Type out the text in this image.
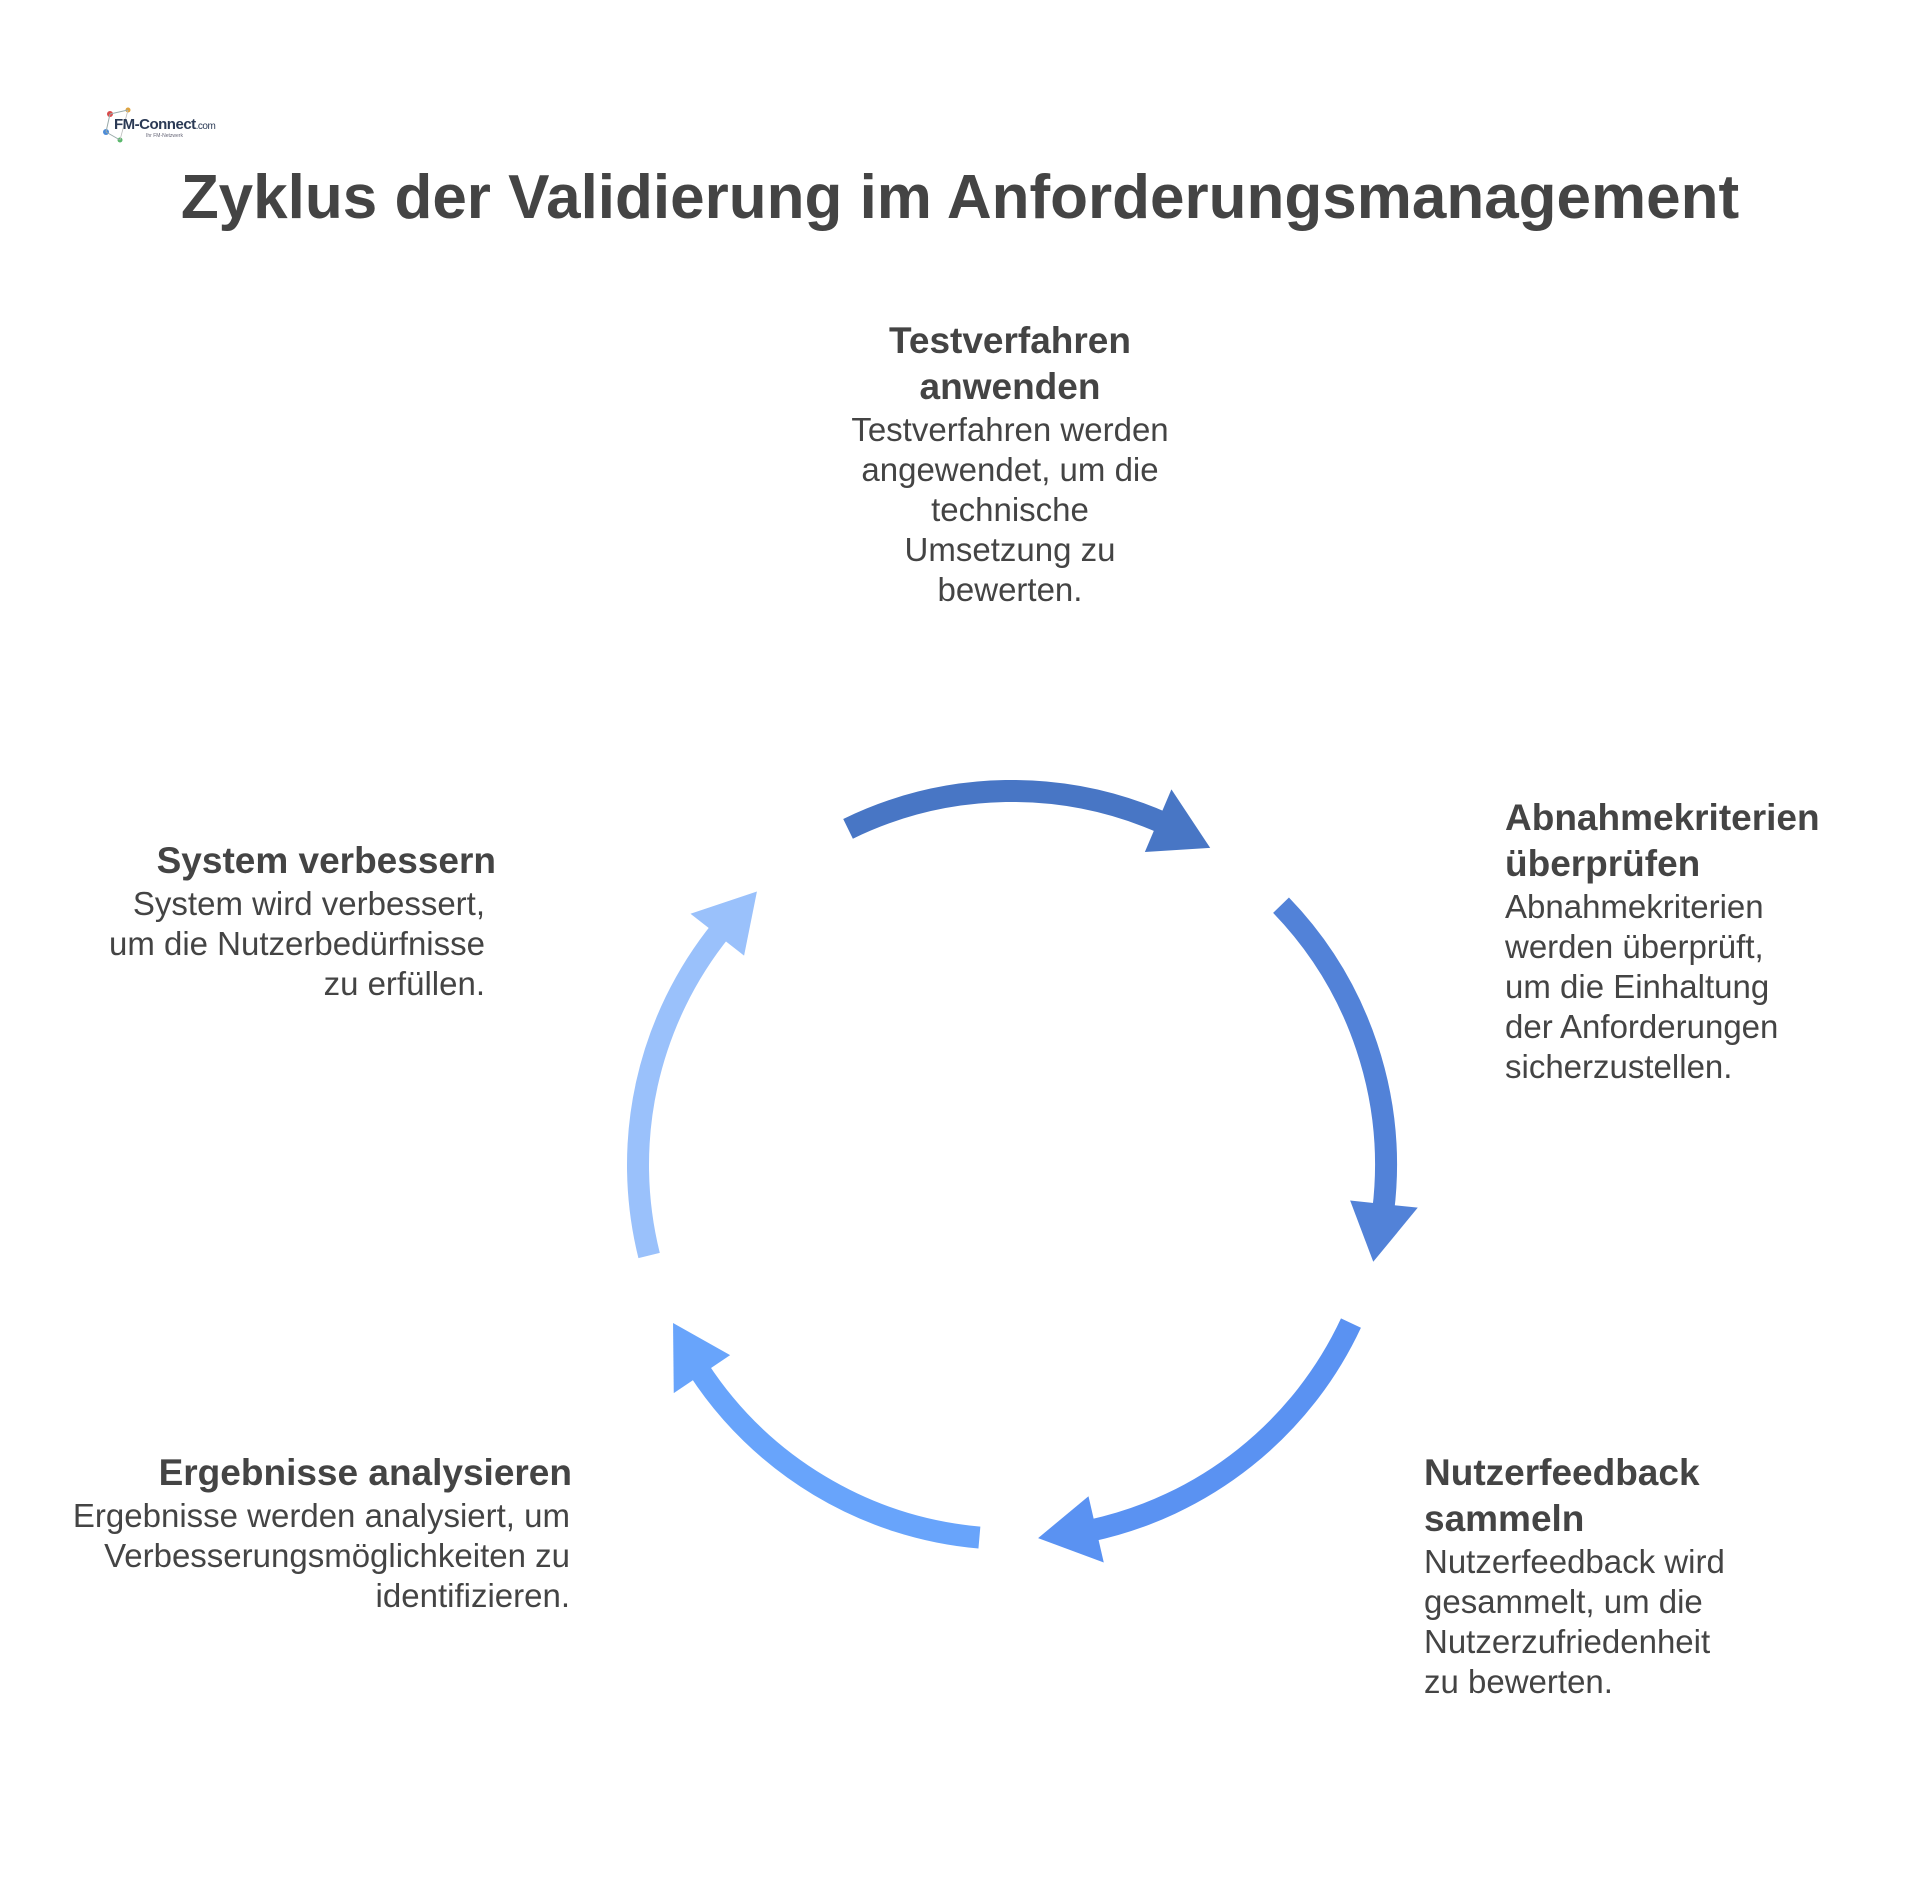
FM-Connect.com
Ihr FM-Netzwerk
Zyklus der Validierung im Anforderungsmanagement

Testverfahren anwenden

Testverfahren werden angewendet, um die technische Umsetzung zu bewerten.

Abnahmekriterien überprüfen

Abnahmekriterien werden überprüft, um die Einhaltung der Anforderungen sicherzustellen.

Nutzerfeedback sammeln

Nutzerfeedback wird gesammelt, um die Nutzerzufriedenheit zu bewerten.

Ergebnisse analysieren

Ergebnisse werden analysiert, um Verbesserungsmöglichkeiten zu identifizieren.

System verbessern

System wird verbessert, um die Nutzerbedürfnisse zu erfüllen.
